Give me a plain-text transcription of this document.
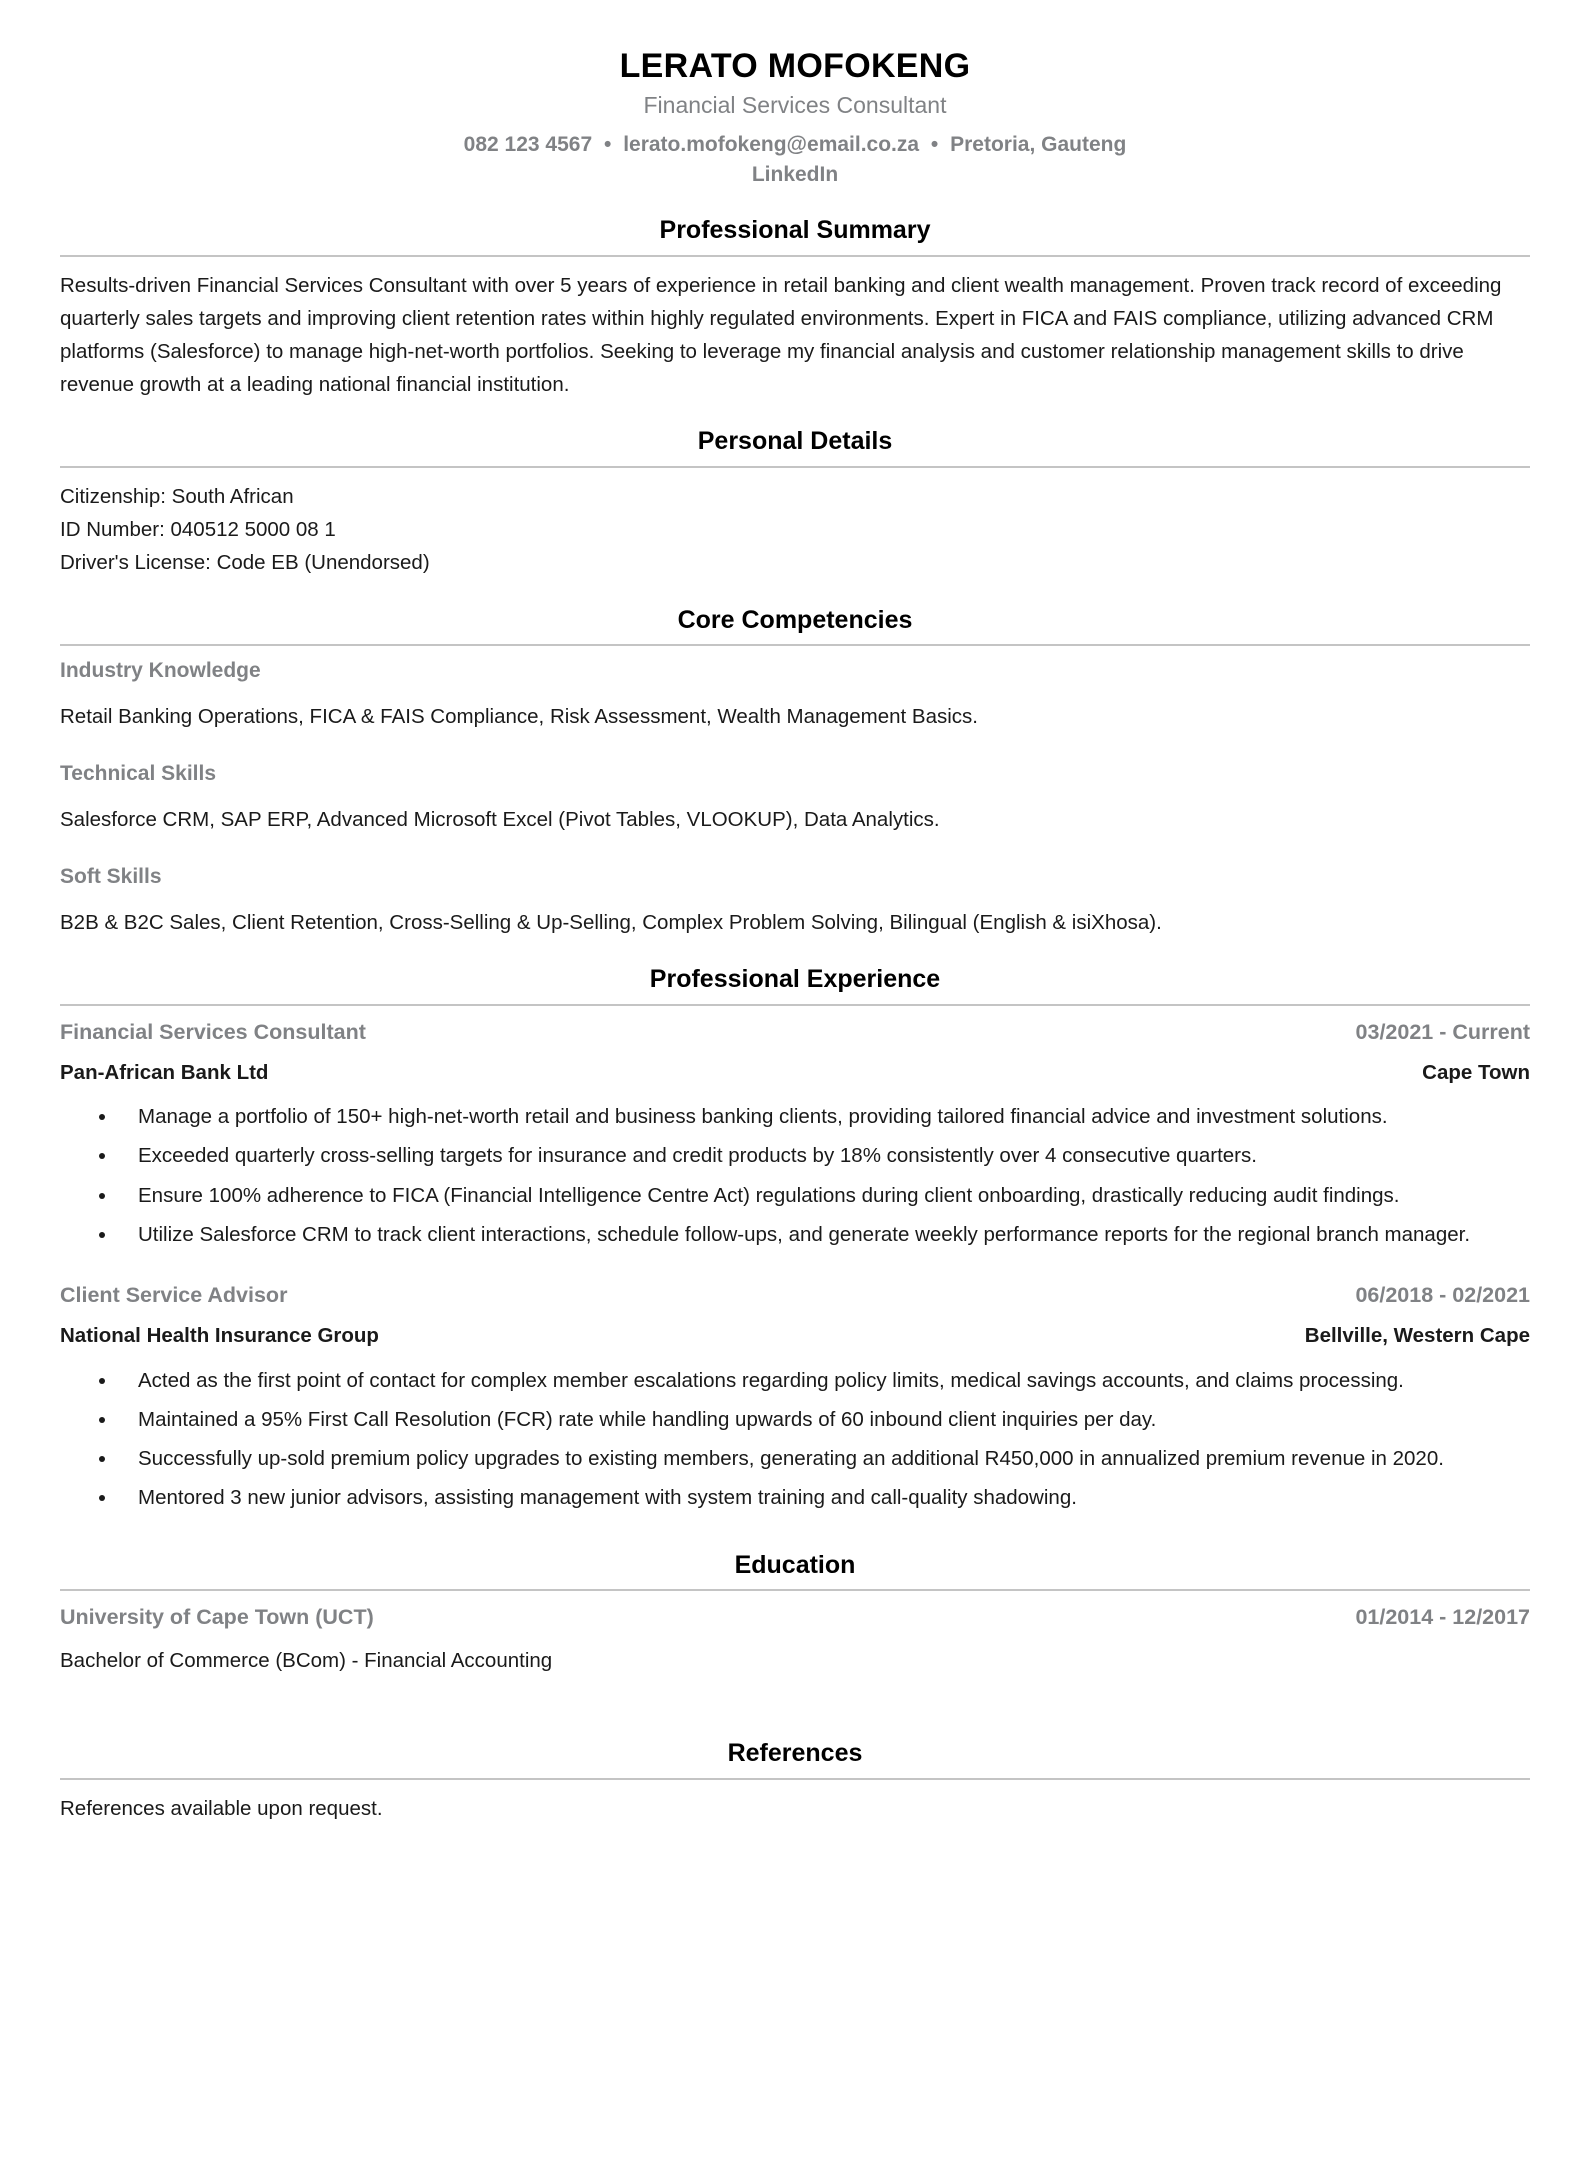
LERATO MOFOKENG
Financial Services Consultant
082 123 4567 • lerato.mofokeng@email.co.za • Pretoria, Gauteng
LinkedIn
Professional Summary

Results-driven Financial Services Consultant with over 5 years of experience in retail banking and client wealth management. Proven track record of exceeding quarterly sales targets and improving client retention rates within highly regulated environments. Expert in FICA and FAIS compliance, utilizing advanced CRM platforms (Salesforce) to manage high-net-worth portfolios. Seeking to leverage my financial analysis and customer relationship management skills to drive revenue growth at a leading national financial institution.

Personal Details
Citizenship: South African
ID Number: 040512 5000 08 1
Driver's License: Code EB (Unendorsed)
Core Competencies
Industry Knowledge
Retail Banking Operations, FICA & FAIS Compliance, Risk Assessment, Wealth Management Basics.
Technical Skills
Salesforce CRM, SAP ERP, Advanced Microsoft Excel (Pivot Tables, VLOOKUP), Data Analytics.
Soft Skills
B2B & B2C Sales, Client Retention, Cross-Selling & Up-Selling, Complex Problem Solving, Bilingual (English & isiXhosa).
Professional Experience
Financial Services Consultant	03/2021 - Current
Pan-African Bank Ltd	Cape Town
• Manage a portfolio of 150+ high-net-worth retail and business banking clients, providing tailored financial advice and investment solutions.
• Exceeded quarterly cross-selling targets for insurance and credit products by 18% consistently over 4 consecutive quarters.
• Ensure 100% adherence to FICA (Financial Intelligence Centre Act) regulations during client onboarding, drastically reducing audit findings.
• Utilize Salesforce CRM to track client interactions, schedule follow-ups, and generate weekly performance reports for the regional branch manager.
Client Service Advisor	06/2018 - 02/2021
National Health Insurance Group	Bellville, Western Cape
• Acted as the first point of contact for complex member escalations regarding policy limits, medical savings accounts, and claims processing.
• Maintained a 95% First Call Resolution (FCR) rate while handling upwards of 60 inbound client inquiries per day.
• Successfully up-sold premium policy upgrades to existing members, generating an additional R450,000 in annualized premium revenue in 2020.
• Mentored 3 new junior advisors, assisting management with system training and call-quality shadowing.
Education
University of Cape Town (UCT)	01/2014 - 12/2017
Bachelor of Commerce (BCom) - Financial Accounting
References

References available upon request.
